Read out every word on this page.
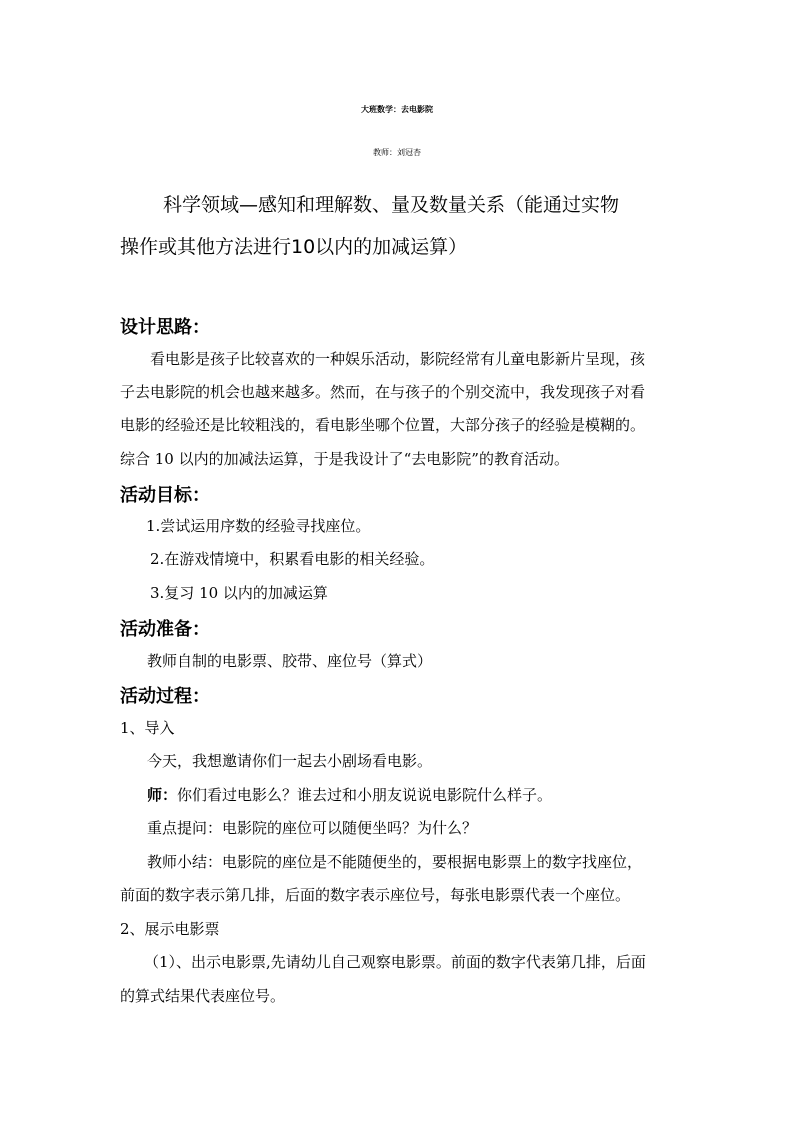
大班数学：去电影院
教师：刘冠杏
科学领域—感知和理解数、量及数量关系（能通过实物
操作或其他方法进行10以内的加减运算）
设计思路：
看电影是孩子比较喜欢的一种娱乐活动，影院经常有儿童电影新片呈现，孩
子去电影院的机会也越来越多。然而，在与孩子的个别交流中，我发现孩子对看
电影的经验还是比较粗浅的，看电影坐哪个位置，大部分孩子的经验是模糊的。
综合 10 以内的加减法运算，于是我设计了“去电影院”的教育活动。
活动目标：
1.尝试运用序数的经验寻找座位。
2.在游戏情境中，积累看电影的相关经验。
3.复习 10 以内的加减运算
活动准备：
教师自制的电影票、胶带、座位号（算式）
活动过程：
1、导入
今天，我想邀请你们一起去小剧场看电影。
师：你们看过电影么？谁去过和小朋友说说电影院什么样子。
重点提问：电影院的座位可以随便坐吗？为什么？
教师小结：电影院的座位是不能随便坐的，要根据电影票上的数字找座位，
前面的数字表示第几排，后面的数字表示座位号，每张电影票代表一个座位。
2、展示电影票
（1）、出示电影票,先请幼儿自己观察电影票。前面的数字代表第几排，后面
的算式结果代表座位号。
